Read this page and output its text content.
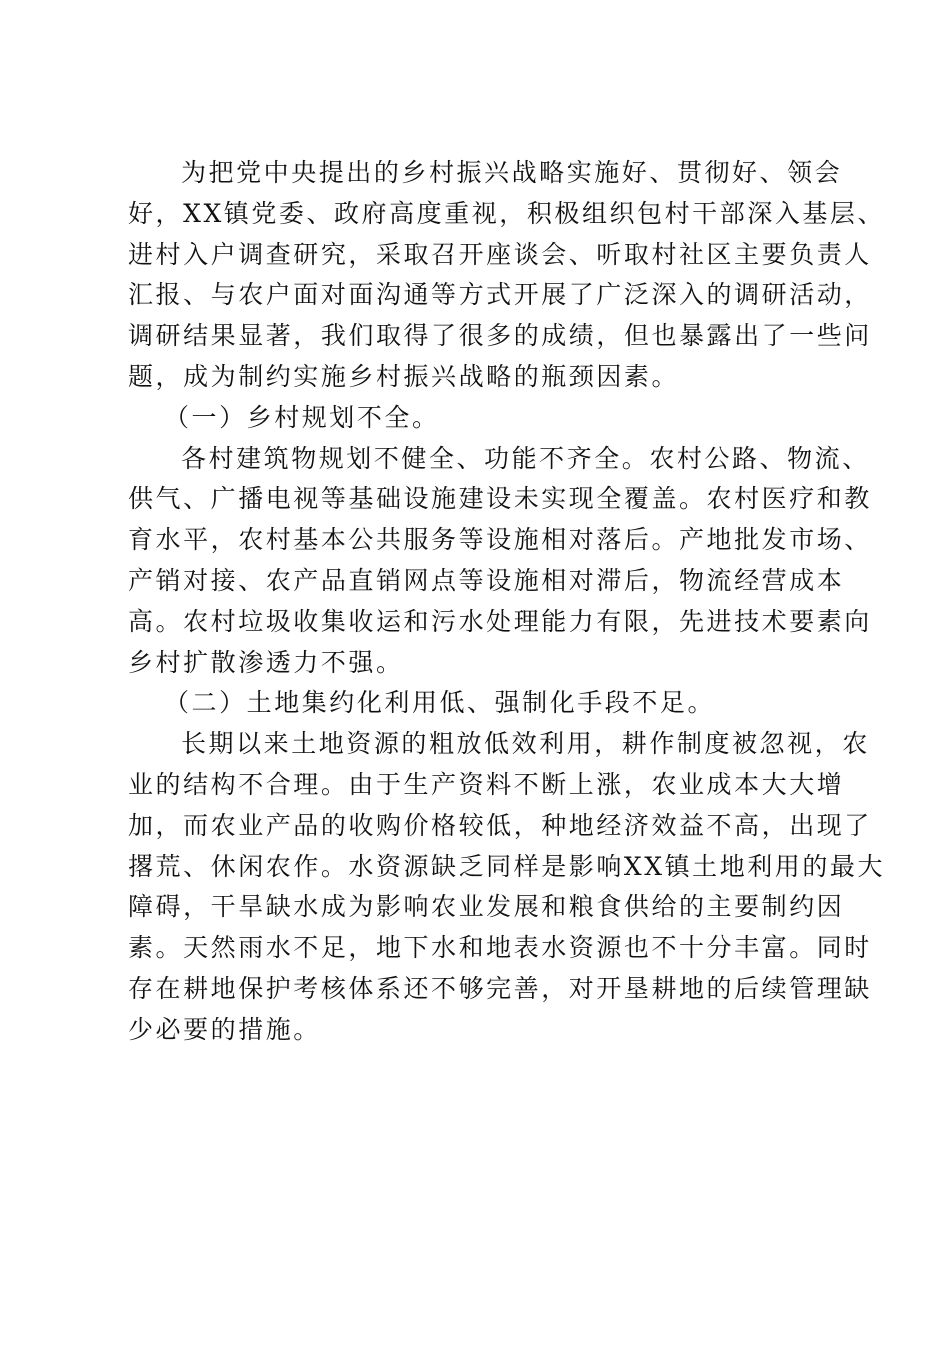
为把党中央提出的乡村振兴战略实施好、贯彻好、领会
好，XX镇党委、政府高度重视，积极组织包村干部深入基层、
进村入户调查研究，采取召开座谈会、听取村社区主要负责人
汇报、与农户面对面沟通等方式开展了广泛深入的调研活动，
调研结果显著，我们取得了很多的成绩，但也暴露出了一些问
题，成为制约实施乡村振兴战略的瓶颈因素。
（一）乡村规划不全。
各村建筑物规划不健全、功能不齐全。农村公路、物流、
供气、广播电视等基础设施建设未实现全覆盖。农村医疗和教
育水平，农村基本公共服务等设施相对落后。产地批发市场、
产销对接、农产品直销网点等设施相对滞后，物流经营成本
高。农村垃圾收集收运和污水处理能力有限，先进技术要素向
乡村扩散渗透力不强。
（二）土地集约化利用低、强制化手段不足。
长期以来土地资源的粗放低效利用，耕作制度被忽视，农
业的结构不合理。由于生产资料不断上涨，农业成本大大增
加，而农业产品的收购价格较低，种地经济效益不高，出现了
撂荒、休闲农作。水资源缺乏同样是影响XX镇土地利用的最大
障碍，干旱缺水成为影响农业发展和粮食供给的主要制约因
素。天然雨水不足，地下水和地表水资源也不十分丰富。同时
存在耕地保护考核体系还不够完善，对开垦耕地的后续管理缺
少必要的措施。
